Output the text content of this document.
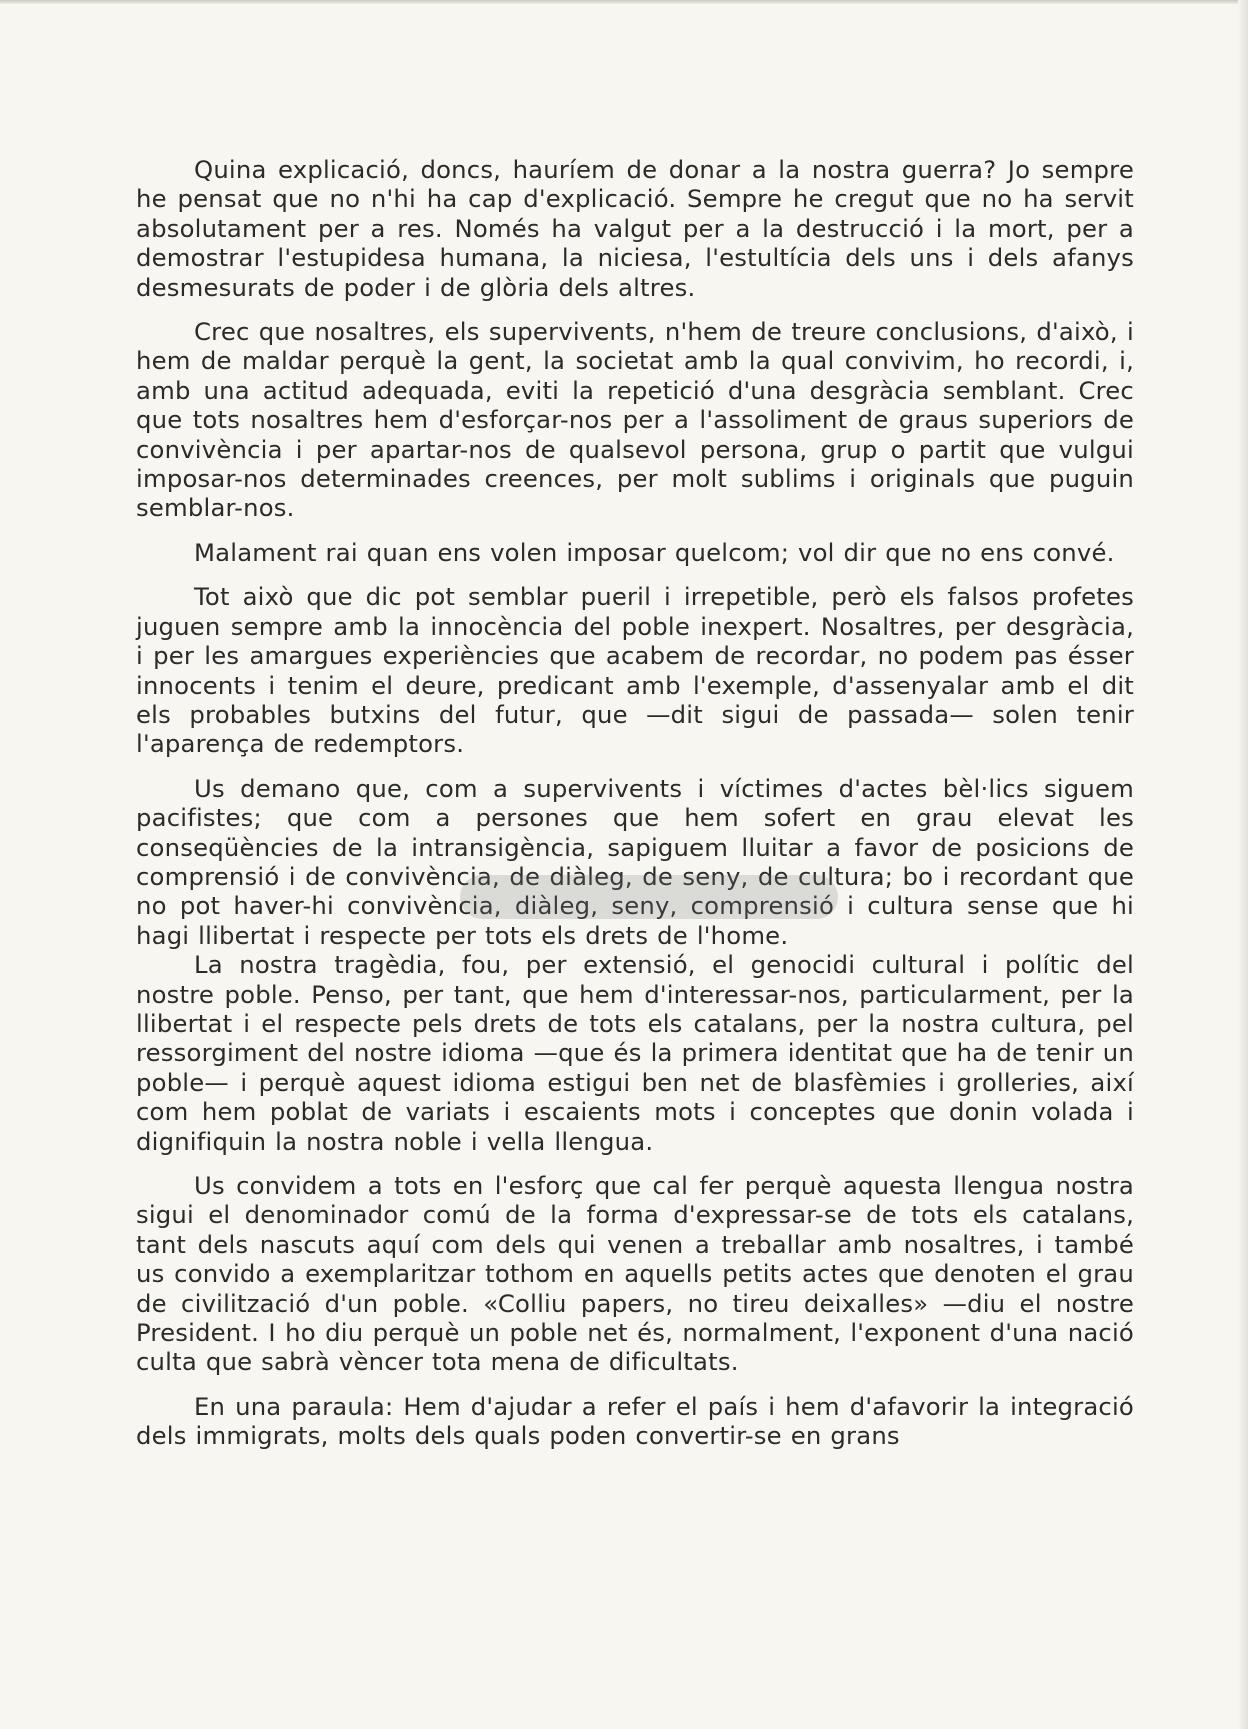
Quina explicació, doncs, hauríem de donar a la nostra guerra? Jo sempre he pensat que no n'hi ha cap d'explicació. Sempre he cregut que no ha servit absolutament per a res. Només ha valgut per a la destrucció i la mort, per a demostrar l'estupidesa humana, la niciesa, l'estultícia dels uns i dels afanys desmesurats de poder i de glòria dels altres.

Crec que nosaltres, els supervivents, n'hem de treure conclusions, d'això, i hem de maldar perquè la gent, la societat amb la qual convivim, ho recordi, i, amb una actitud adequada, eviti la repetició d'una desgràcia semblant. Crec que tots nosaltres hem d'esforçar-nos per a l'assoliment de graus superiors de convivència i per apartar-nos de qualsevol persona, grup o partit que vulgui imposar-nos determinades creences, per molt sublims i originals que puguin semblar-nos.

Malament rai quan ens volen imposar quelcom; vol dir que no ens convé.

Tot això que dic pot semblar pueril i irrepetible, però els falsos profetes juguen sempre amb la innocència del poble inexpert. Nosaltres, per desgràcia, i per les amargues experiències que acabem de recordar, no podem pas ésser innocents i tenim el deure, predicant amb l'exemple, d'assenyalar amb el dit els probables butxins del futur, que —dit sigui de passada— solen tenir l'aparença de redemptors.

Us demano que, com a supervivents i víctimes d'actes bèl·lics siguem pacifistes; que com a persones que hem sofert en grau elevat les conseqüències de la intransigència, sapiguem lluitar a favor de posicions de comprensió i de convivència, de diàleg, de seny, de cultura; bo i recordant que no pot haver-hi convivència, diàleg, seny, comprensió i cultura sense que hi hagi llibertat i respecte per tots els drets de l'home.

La nostra tragèdia, fou, per extensió, el genocidi cultural i polític del nostre poble. Penso, per tant, que hem d'interessar-nos, particularment, per la llibertat i el respecte pels drets de tots els catalans, per la nostra cultura, pel ressorgiment del nostre idioma —que és la primera identitat que ha de tenir un poble— i perquè aquest idioma estigui ben net de blasfèmies i grolleries, així com hem poblat de variats i escaients mots i conceptes que donin volada i dignifiquin la nostra noble i vella llengua.

Us convidem a tots en l'esforç que cal fer perquè aquesta llengua nostra sigui el denominador comú de la forma d'expressar-se de tots els catalans, tant dels nascuts aquí com dels qui venen a treballar amb nosaltres, i també us convido a exemplaritzar tothom en aquells petits actes que denoten el grau de civilització d'un poble. «Colliu papers, no tireu deixalles» —diu el nostre President. I ho diu perquè un poble net és, normalment, l'exponent d'una nació culta que sabrà vèncer tota mena de dificultats.

En una paraula: Hem d'ajudar a refer el país i hem d'afavorir la integració dels immigrats, molts dels quals poden convertir-se en grans
